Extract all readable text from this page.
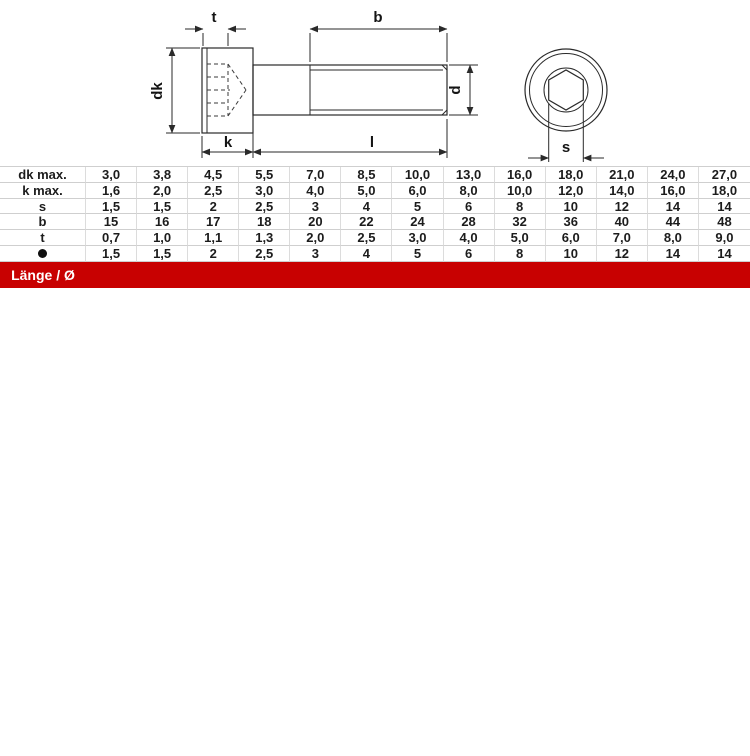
t	b
dk	d
k	l	s
dk max.	3,0	3,8	4,5	5,5	7,0	8,5	10,0	13,0	16,0	18,0	21,0	24,0	27,0
k max.	1,6	2,0	2,5	3,0	4,0	5,0	6,0	8,0	10,0	12,0	14,0	16,0	18,0
s	1,5	1,5	2	2,5	3	4	5	6	8	10	12	14	14
b	15	16	17	18	20	22	24	28	32	36	40	44	48
t	0,7	1,0	1,1	1,3	2,0	2,5	3,0	4,0	5,0	6,0	7,0	8,0	9,0
1,5	1,5	2	2,5	3	4	5	6	8	10	12	14	14
Länge / Ø
